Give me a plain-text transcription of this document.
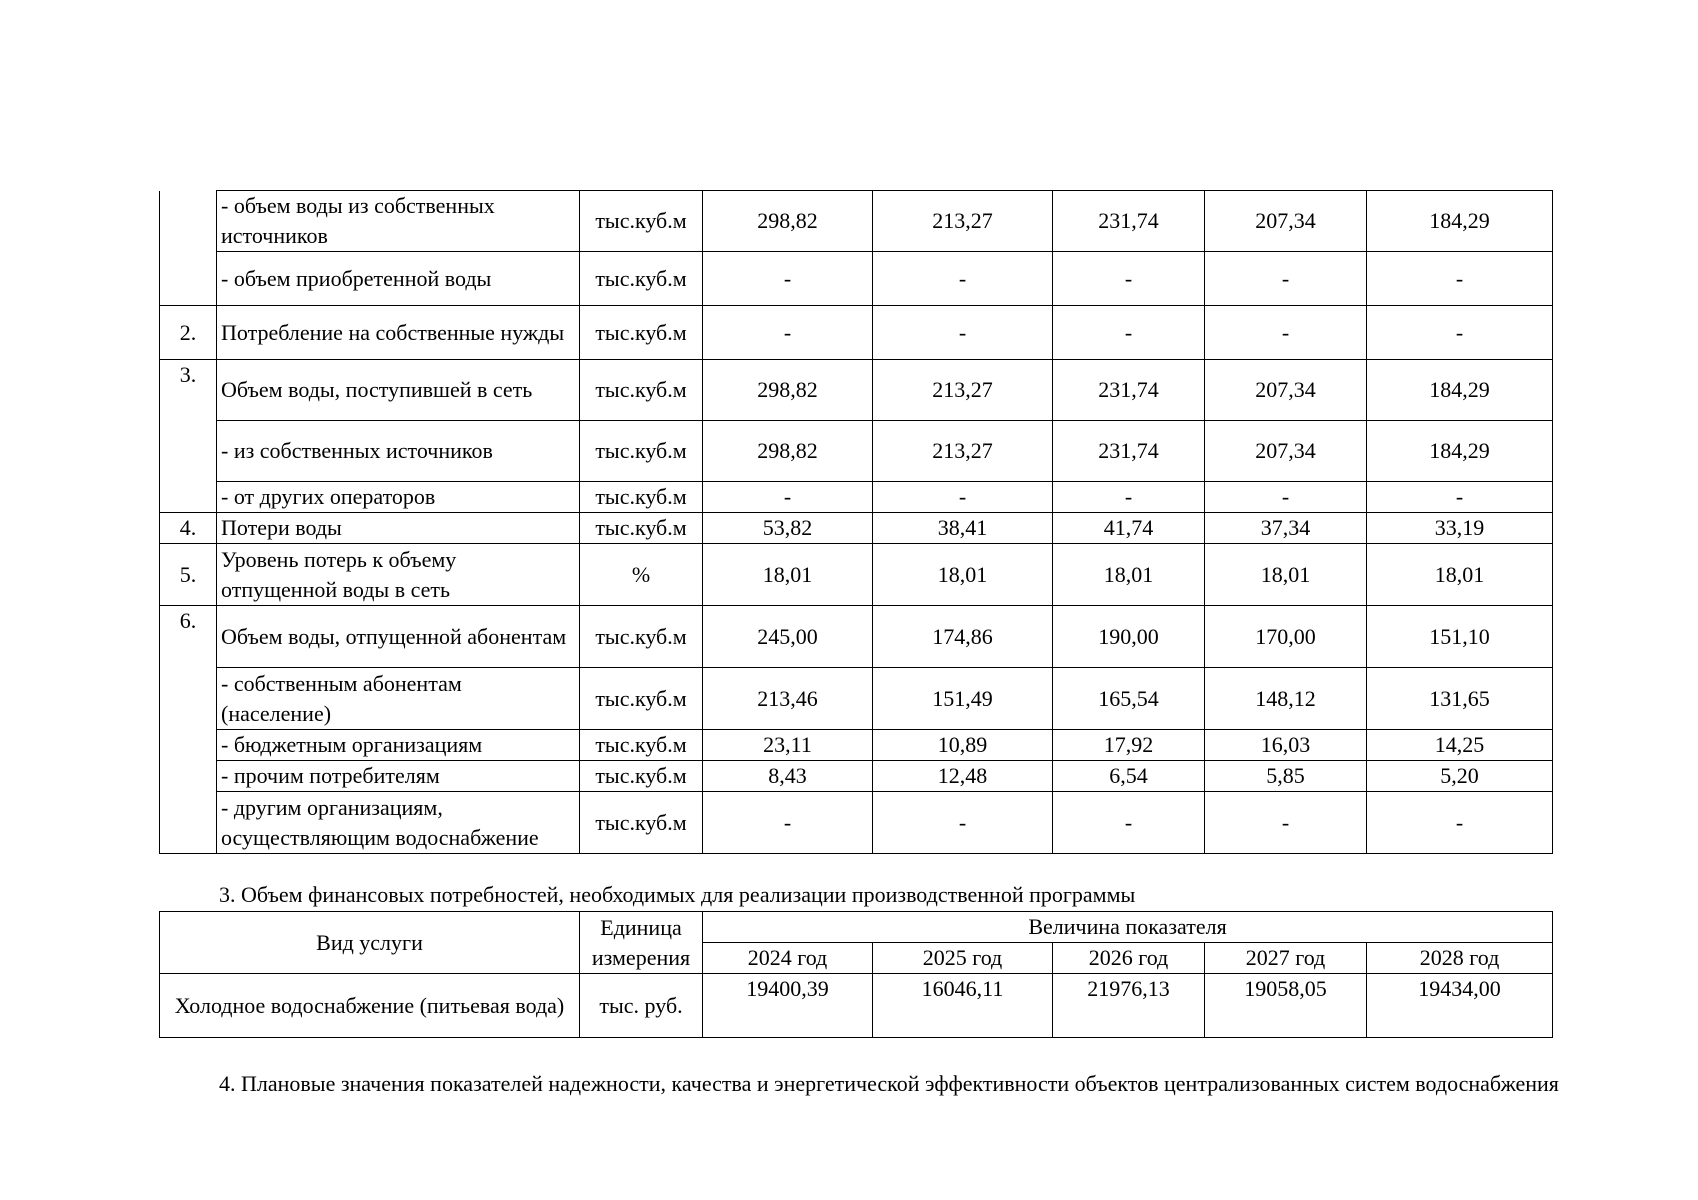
	- объем воды из собственных источников	тыс.куб.м	298,82	213,27	231,74	207,34	184,29
	- объем приобретенной воды	тыс.куб.м	-	-	-	-	-
2.	Потребление на собственные нужды	тыс.куб.м	-	-	-	-	-
3.	Объем воды, поступившей в сеть	тыс.куб.м	298,82	213,27	231,74	207,34	184,29
	- из собственных источников	тыс.куб.м	298,82	213,27	231,74	207,34	184,29
	- от других операторов	тыс.куб.м	-	-	-	-	-
4.	Потери воды	тыс.куб.м	53,82	38,41	41,74	37,34	33,19
5.	Уровень потерь к объему отпущенной воды в сеть	%	18,01	18,01	18,01	18,01	18,01
6.	Объем воды, отпущенной абонентам	тыс.куб.м	245,00	174,86	190,00	170,00	151,10
	- собственным абонентам (население)	тыс.куб.м	213,46	151,49	165,54	148,12	131,65
	- бюджетным организациям	тыс.куб.м	23,11	10,89	17,92	16,03	14,25
	- прочим потребителям	тыс.куб.м	8,43	12,48	6,54	5,85	5,20
	- другим организациям, осуществляющим водоснабжение	тыс.куб.м	-	-	-	-	-
3. Объем финансовых потребностей, необходимых для реализации производственной программы
Вид услуги	Единица измерения	Величина показателя				
		2024 год	2025 год	2026 год	2027 год	2028 год
Холодное водоснабжение (питьевая вода)	тыс. руб.	19400,39	16046,11	21976,13	19058,05	19434,00
4. Плановые значения показателей надежности, качества и энергетической эффективности объектов централизованных систем водоснабжения
